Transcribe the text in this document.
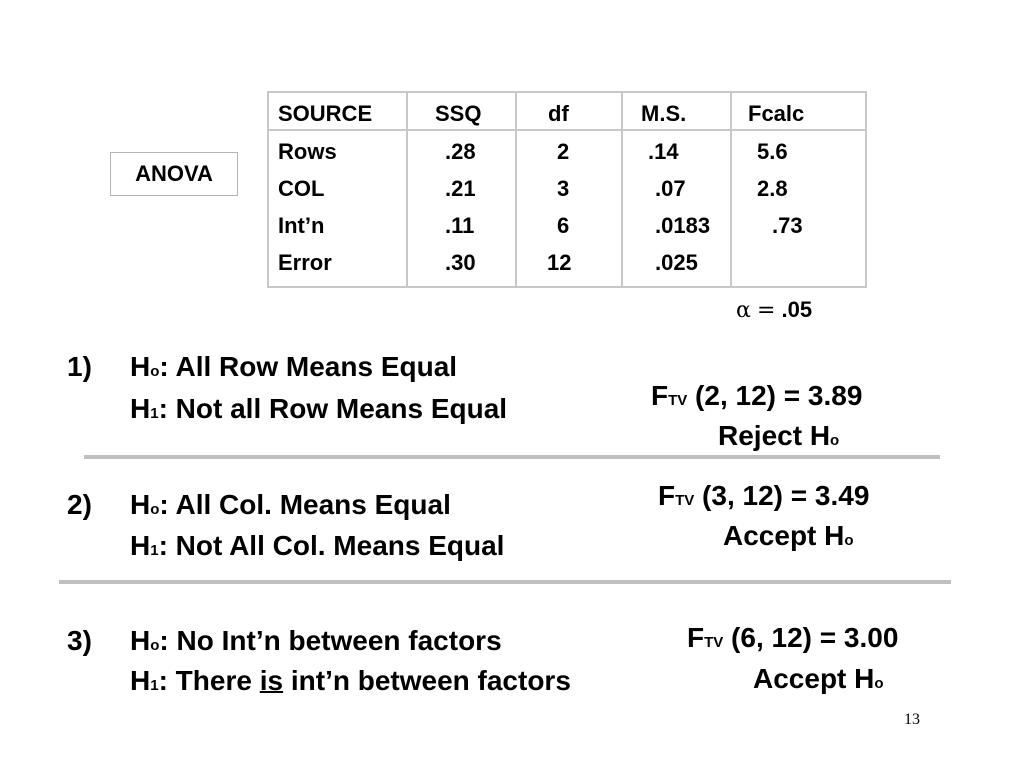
ANOVA
SOURCE	SSQ	df	M.S.	Fcalc
Rows	.28	2	.14	5.6
COL	.21	3	.07	2.8
Int’n	.11	6	.0183	.73
Error	.30	12	.025
α = .05
1) Ho: All Row Means Equal
H1: Not all Row Means Equal	FTV (2, 12) = 3.89
Reject Ho
2) Ho: All Col. Means Equal
H1: Not All Col. Means Equal
FTV (3, 12) = 3.49
Accept Ho
3) Ho: No Int’n between factors
H1: There is int’n between factors
FTV (6, 12) = 3.00
Accept Ho
13
